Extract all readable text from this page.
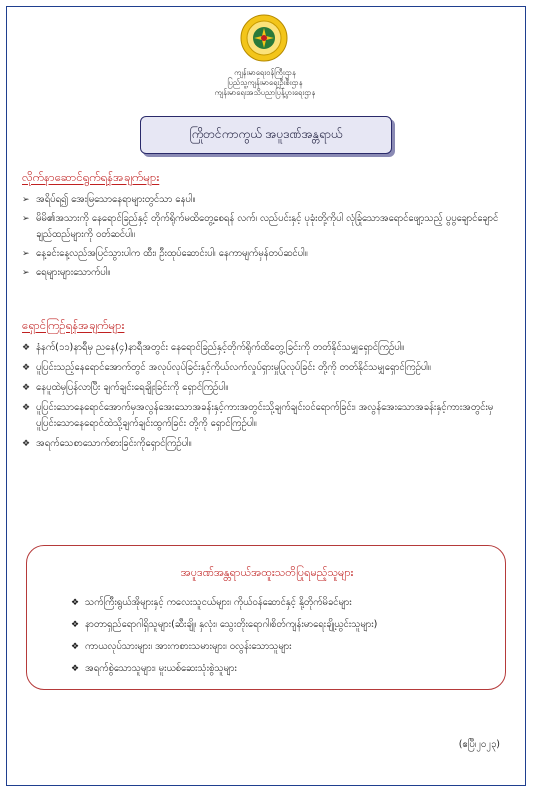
ကျန်းမာရေးဝန်ကြီးဌာန
ပြည်သူ့ကျန်းမာရေးဦးစီးဌာန
ကျန်းမာရေးအသိပညာပြန့်ပွားရေးဌာန
ကြိုတင်ကာကွယ် အပူဒဏ်အန္တရာယ်
လိုက်နာဆောင်ရွက်ရန်အချက်များ
➢ အရိပ်ရ၍ အေးမြသောနေရာများတွင်သာ နေပါ။
➢ မိမိ၏အသားကို နေရောင်ခြည်နှင့် တိုက်ရိုက်မထိတွေ့စေရန် လက်၊ လည်ပင်းနှင့် ပုခုံးတို့ကိုပါ လုံခြုံသောအရောင်ဖျော့သည့် ပွပွချောင်ချောင်ချည်ထည်များကို ဝတ်ဆင်ပါ။
➢ နေ့ခင်းနေ့လည်အပြင်သွားပါက ထီး၊ ဦးထုပ်ဆောင်းပါ၊ နေကာမျက်မှန်တပ်ဆင်ပါ။
➢ ရေများများသောက်ပါ။
ရှောင်ကြဉ်ရန်အချက်များ
❖ နံနက်(၁၁)နာရီမှ ညနေ(၄)နာရီအတွင်း နေရောင်ခြည်နှင့်တိုက်ရိုက်ထိတွေ့ခြင်းကို တတ်နိုင်သမျှရှောင်ကြဉ်ပါ။
❖ ပူပြင်းသည့်နေရောင်အောက်တွင် အလုပ်လုပ်ခြင်းနှင့်ကိုယ်လက်လှုပ်ရှားမှုပြုလုပ်ခြင်း တို့ကို တတ်နိုင်သမျှရှောင်ကြဉ်ပါ။
❖ နေပူထဲမှပြန်လာပြီး ချက်ချင်းရေချိုးခြင်းကို ရှောင်ကြဉ်ပါ။
❖ ပူပြင်းသောနေရောင်အောက်မှအလွန်အေးသောအခန်းနှင့်ကားအတွင်းသို့ချက်ချင်းဝင်ရောက်ခြင်း၊ အလွန်အေးသောအခန်းနှင့်ကားအတွင်းမှပူပြင်းသောနေရောင်ထဲသို့ချက်ချင်းထွက်ခြင်း တို့ကို ရှောင်ကြဉ်ပါ။
❖ အရက်သေစာသောက်စားခြင်းကိုရှောင်ကြဉ်ပါ။
အပူဒဏ်အန္တရာယ်အထူးသတိပြုရမည့်သူများ
❖ သက်ကြီးရွယ်အိုများနှင့် ကလေးသူငယ်များ၊ ကိုယ်ဝန်ဆောင်နှင့် နို့တိုက်မိခင်များ
❖ နာတာရှည်ရောဂါရှိသူများ(ဆီးချို၊ နှလုံး၊ သွေးတိုးရောဂါ၊စိတ်ကျန်းမာရေးချို့ယွင်းသူများ)
❖ ကာယလုပ်သားများ၊ အားကစားသမားများ၊ ဝလွန်းသောသူများ
❖ အရက်စွဲသောသူများ၊ မူးယစ်ဆေးသုံးစွဲသူများ
(ဧပြီ၊၂၀၂၃)
